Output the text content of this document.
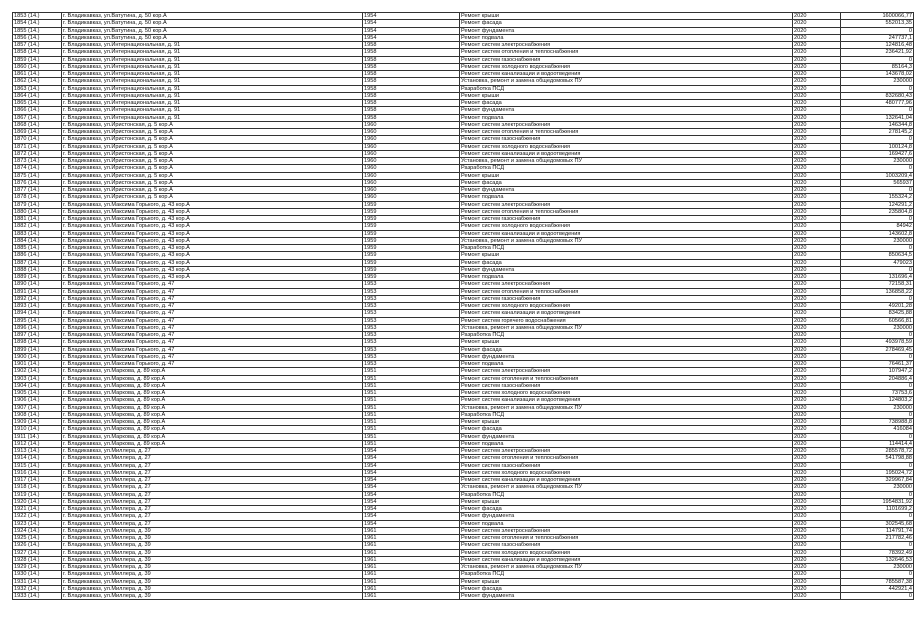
1853 (14.)	г. Владикавказ, ул.Ватутина, д. 50 кор.А	1954	Ремонт крыши	2020	1600066,77
1854 (14.)	г. Владикавказ, ул.Ватутина, д. 50 кор.А	1954	Ремонт фасада	2020	552013,35
1855 (14.)	г. Владикавказ, ул.Ватутина, д. 50 кор.А	1954	Ремонт фундамента	2020	0
1856 (14.)	г. Владикавказ, ул.Ватутина, д. 50 кор.А	1954	Ремонт подвала	2020	247737,1
1857 (14.)	г. Владикавказ, ул.Интернациональная, д. 91	1958	Ремонт систем электроснабжения	2020	124816,48
1858 (14.)	г. Владикавказ, ул.Интернациональная, д. 91	1958	Ремонт систем отопления и теплоснабжения	2020	236421,92
1859 (14.)	г. Владикавказ, ул.Интернациональная, д. 91	1958	Ремонт систем газоснабжения	2020	0
1860 (14.)	г. Владикавказ, ул.Интернациональная, д. 91	1958	Ремонт систем холодного водоснабжения	2020	85164,3
1861 (14.)	г. Владикавказ, ул.Интернациональная, д. 91	1958	Ремонт систем канализации и водоотведения	2020	143678,02
1862 (14.)	г. Владикавказ, ул.Интернациональная, д. 91	1958	Установка, ремонт и замена общедомовых ПУ	2020	230000
1863 (14.)	г. Владикавказ, ул.Интернациональная, д. 91	1958	Разработка ПСД	2020	0
1864 (14.)	г. Владикавказ, ул.Интернациональная, д. 91	1958	Ремонт крыши	2020	832680,43
1865 (14.)	г. Владикавказ, ул.Интернациональная, д. 91	1958	Ремонт фасада	2020	480777,96
1866 (14.)	г. Владикавказ, ул.Интернациональная, д. 91	1958	Ремонт фундамента	2020	0
1867 (14.)	г. Владикавказ, ул.Интернациональная, д. 91	1958	Ремонт подвала	2020	132641,04
1868 (14.)	г. Владикавказ, ул.Иристонская, д. 5 кор.А	1960	Ремонт систем электроснабжения	2020	146344,8
1869 (14.)	г. Владикавказ, ул.Иристонская, д. 5 кор.А	1960	Ремонт систем отопления и теплоснабжения	2020	278145,2
1870 (14.)	г. Владикавказ, ул.Иристонская, д. 5 кор.А	1960	Ремонт систем газоснабжения	2020	0
1871 (14.)	г. Владикавказ, ул.Иристонская, д. 5 кор.А	1960	Ремонт систем холодного водоснабжения	2020	100124,8
1872 (14.)	г. Владикавказ, ул.Иристонская, д. 5 кор.А	1960	Ремонт систем канализации и водоотведения	2020	169427,6
1873 (14.)	г. Владикавказ, ул.Иристонская, д. 5 кор.А	1960	Установка, ремонт и замена общедомовых ПУ	2020	230000
1874 (14.)	г. Владикавказ, ул.Иристонская, д. 5 кор.А	1960	Разработка ПСД	2020	0
1875 (14.)	г. Владикавказ, ул.Иристонская, д. 5 кор.А	1960	Ремонт крыши	2020	1003209,4
1876 (14.)	г. Владикавказ, ул.Иристонская, д. 5 кор.А	1960	Ремонт фасада	2020	565937
1877 (14.)	г. Владикавказ, ул.Иристонская, д. 5 кор.А	1960	Ремонт фундамента	2020	0
1878 (14.)	г. Владикавказ, ул.Иристонская, д. 5 кор.А	1960	Ремонт подвала	2020	155324,2
1879 (14.)	г. Владикавказ, ул.Максима Горького, д. 43 кор.А	1959	Ремонт систем электроснабжения	2020	124291,2
1880 (14.)	г. Владикавказ, ул.Максима Горького, д. 43 кор.А	1959	Ремонт систем отопления и теплоснабжения	2020	235804,8
1881 (14.)	г. Владикавказ, ул.Максима Горького, д. 43 кор.А	1959	Ремонт систем газоснабжения	2020	0
1882 (14.)	г. Владикавказ, ул.Максима Горького, д. 43 кор.А	1959	Ремонт систем холодного водоснабжения	2020	84942
1883 (14.)	г. Владикавказ, ул.Максима Горького, д. 43 кор.А	1959	Ремонт систем канализации и водоотведения	2020	143602,8
1884 (14.)	г. Владикавказ, ул.Максима Горького, д. 43 кор.А	1959	Установка, ремонт и замена общедомовых ПУ	2020	230000
1885 (14.)	г. Владикавказ, ул.Максима Горького, д. 43 кор.А	1959	Разработка ПСД	2020	0
1886 (14.)	г. Владикавказ, ул.Максима Горького, д. 43 кор.А	1959	Ремонт крыши	2020	850634,5
1887 (14.)	г. Владикавказ, ул.Максима Горького, д. 43 кор.А	1959	Ремонт фасада	2020	479023
1888 (14.)	г. Владикавказ, ул.Максима Горького, д. 43 кор.А	1959	Ремонт фундамента	2020	0
1889 (14.)	г. Владикавказ, ул.Максима Горького, д. 43 кор.А	1959	Ремонт подвала	2020	131696,4
1890 (14.)	г. Владикавказ, ул.Максима Горького, д. 47	1953	Ремонт систем электроснабжения	2020	72158,31
1891 (14.)	г. Владикавказ, ул.Максима Горького, д. 47	1953	Ремонт систем отопления и теплоснабжения	2020	136858,22
1892 (14.)	г. Владикавказ, ул.Максима Горького, д. 47	1953	Ремонт систем газоснабжения	2020	0
1893 (14.)	г. Владикавказ, ул.Максима Горького, д. 47	1953	Ремонт систем холодного водоснабжения	2020	49201,28
1894 (14.)	г. Владикавказ, ул.Максима Горького, д. 47	1953	Ремонт систем канализации и водоотведения	2020	83425,88
1895 (14.)	г. Владикавказ, ул.Максима Горького, д. 47	1953	Ремонт систем горячего водоснабжения	2020	60566,81
1896 (14.)	г. Владикавказ, ул.Максима Горького, д. 47	1953	Установка, ремонт и замена общедомовых ПУ	2020	230000
1897 (14.)	г. Владикавказ, ул.Максима Горького, д. 47	1953	Разработка ПСД	2020	0
1898 (14.)	г. Владикавказ, ул.Максима Горького, д. 47	1953	Ремонт крыши	2020	493978,59
1899 (14.)	г. Владикавказ, ул.Максима Горького, д. 47	1953	Ремонт фасада	2020	278469,45
1900 (14.)	г. Владикавказ, ул.Максима Горького, д. 47	1953	Ремонт фундамента	2020	0
1901 (14.)	г. Владикавказ, ул.Максима Горького, д. 47	1953	Ремонт подвала	2020	76461,37
1902 (14.)	г. Владикавказ, ул.Маркова, д. 89 кор.А	1951	Ремонт систем электроснабжения	2020	107947,2
1903 (14.)	г. Владикавказ, ул.Маркова, д. 89 кор.А	1951	Ремонт систем отопления и теплоснабжения	2020	204886,4
1904 (14.)	г. Владикавказ, ул.Маркова, д. 89 кор.А	1951	Ремонт систем газоснабжения	2020	0
1905 (14.)	г. Владикавказ, ул.Маркова, д. 89 кор.А	1951	Ремонт систем холодного водоснабжения	2020	73753,6
1906 (14.)	г. Владикавказ, ул.Маркова, д. 89 кор.А	1951	Ремонт систем канализации и водоотведения	2020	124803,2
1907 (14.)	г. Владикавказ, ул.Маркова, д. 89 кор.А	1951	Установка, ремонт и замена общедомовых ПУ	2020	230000
1908 (14.)	г. Владикавказ, ул.Маркова, д. 89 кор.А	1951	Разработка ПСД	2020	0
1909 (14.)	г. Владикавказ, ул.Маркова, д. 89 кор.А	1951	Ремонт крыши	2020	738988,8
1910 (14.)	г. Владикавказ, ул.Маркова, д. 89 кор.А	1951	Ремонт фасада	2020	416084
1911 (14.)	г. Владикавказ, ул.Маркова, д. 89 кор.А	1951	Ремонт фундамента	2020	0
1912 (14.)	г. Владикавказ, ул.Маркова, д. 89 кор.А	1951	Ремонт подвала	2020	114414,4
1913 (14.)	г. Владикавказ, ул.Миллера, д. 27	1954	Ремонт систем электроснабжения	2020	285578,72
1914 (14.)	г. Владикавказ, ул.Миллера, д. 27	1954	Ремонт систем отопления и теплоснабжения	2020	541798,88
1915 (14.)	г. Владикавказ, ул.Миллера, д. 27	1954	Ремонт систем газоснабжения	2020	0
1916 (14.)	г. Владикавказ, ул.Миллера, д. 27	1954	Ремонт систем холодного водоснабжения	2020	195024,72
1917 (14.)	г. Владикавказ, ул.Миллера, д. 27	1954	Ремонт систем канализации и водоотведения	2020	329967,84
1918 (14.)	г. Владикавказ, ул.Миллера, д. 27	1954	Установка, ремонт и замена общедомовых ПУ	2020	230000
1919 (14.)	г. Владикавказ, ул.Миллера, д. 27	1954	Разработка ПСД	2020	0
1920 (14.)	г. Владикавказ, ул.Миллера, д. 27	1954	Ремонт крыши	2020	1954831,92
1921 (14.)	г. Владикавказ, ул.Миллера, д. 27	1954	Ремонт фасада	2020	1101699,2
1922 (14.)	г. Владикавказ, ул.Миллера, д. 27	1954	Ремонт фундамента	2020	0
1923 (14.)	г. Владикавказ, ул.Миллера, д. 27	1954	Ремонт подвала	2020	302545,68
1924 (14.)	г. Владикавказ, ул.Миллера, д. 39	1961	Ремонт систем электроснабжения	2020	114791,74
1925 (14.)	г. Владикавказ, ул.Миллера, д. 39	1961	Ремонт систем отопления и теплоснабжения	2020	217782,46
1926 (14.)	г. Владикавказ, ул.Миллера, д. 39	1961	Ремонт систем газоснабжения	2020	0
1927 (14.)	г. Владикавказ, ул.Миллера, д. 39	1961	Ремонт систем холодного водоснабжения	2020	78392,49
1928 (14.)	г. Владикавказ, ул.Миллера, д. 39	1961	Ремонт систем канализации и водоотведения	2020	132646,53
1929 (14.)	г. Владикавказ, ул.Миллера, д. 39	1961	Установка, ремонт и замена общедомовых ПУ	2020	230000
1930 (14.)	г. Владикавказ, ул.Миллера, д. 39	1961	Разработка ПСД	2020	0
1931 (14.)	г. Владикавказ, ул.Миллера, д. 39	1961	Ремонт крыши	2020	785587,38
1932 (14.)	г. Владикавказ, ул.Миллера, д. 39	1961	Ремонт фасада	2020	442921,4
1933 (14.)	г. Владикавказ, ул.Миллера, д. 39	1961	Ремонт фундамента	2020	0
